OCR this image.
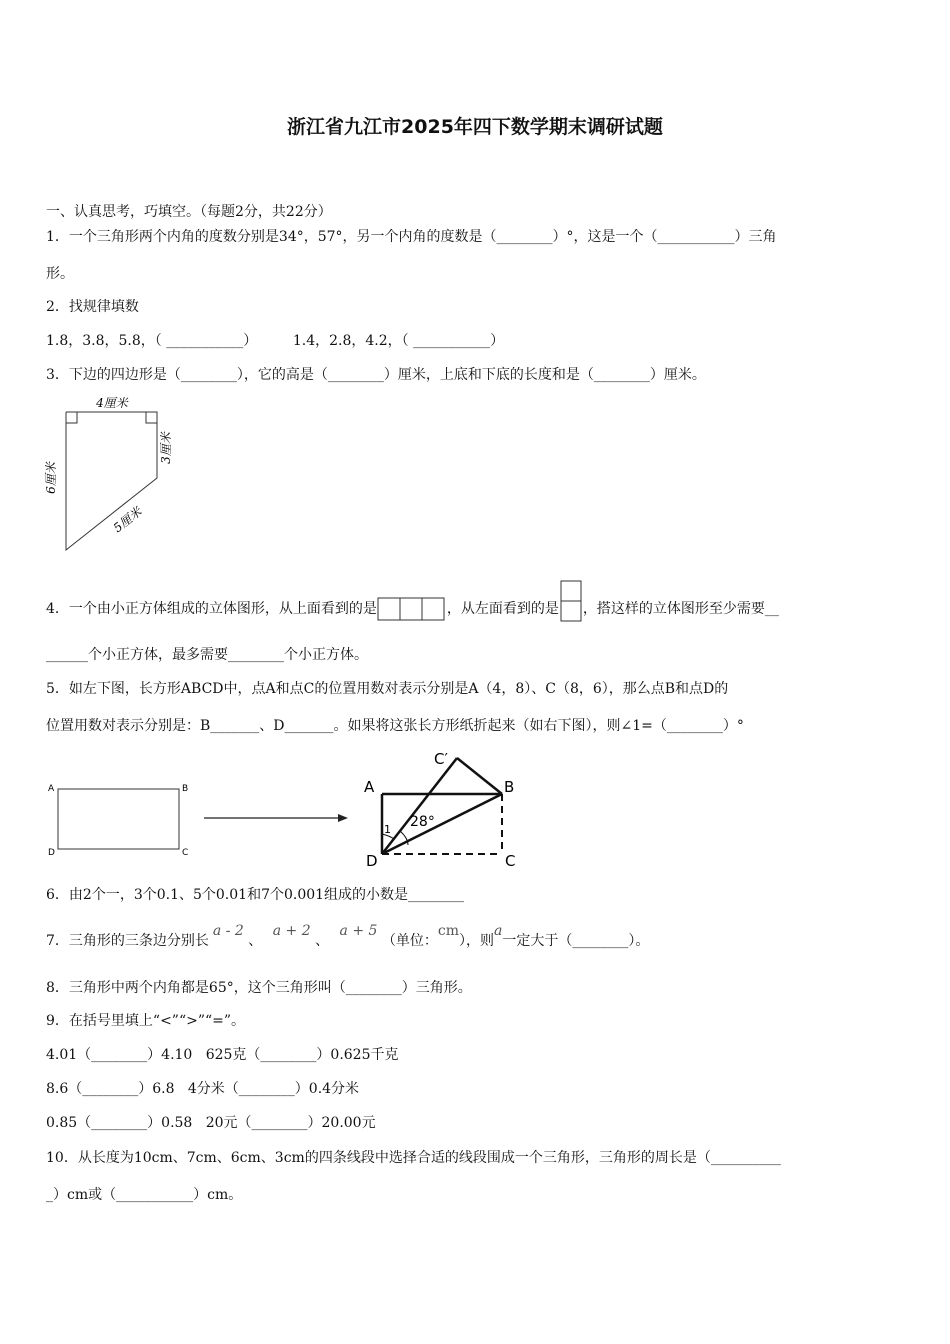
浙江省九江市2025年四下数学期末调研试题
一、认真思考，巧填空。（每题2分，共22分）
1．一个三角形两个内角的度数分别是34°，57°，另一个内角的度数是（________）°，这是一个（___________）三角
形。
2．找规律填数
1.8，3.8，5.8，（ ___________）        1.4，2.8，4.2，（ ___________）
3．下边的四边形是（________），它的高是（________）厘米，上底和下底的长度和是（________）厘米。
4厘米
3厘米
6厘米
5厘米
4．一个由小正方体组成的立体图形，从上面看到的是	，从左面看到的是 ，搭这样的立体图形至少需要__
______个小正方体，最多需要________个小正方体。
5．如左下图，长方形ABCD中，点A和点C的位置用数对表示分别是A（4，8）、C（8，6），那么点B和点D的
位置用数对表示分别是：B_______、D_______。如果将这张长方形纸折起来（如右下图），则∠1=（________）°
A	B
D	C
C′
A	B
D	C
1 28°
6．由2个一，3个0.1、5个0.01和7个0.001组成的小数是________
7．三角形的三条边分别长a - 2 、 a + 2 、 a + 5 （单位：cm），则a一定大于（________）。
8．三角形中两个内角都是65°，这个三角形叫（________）三角形。
9．在括号里填上“<”“>”“=”。
4.01（________）4.10   625克（________）0.625千克
8.6（________）6.8   4分米（________）0.4分米
0.85（________）0.58   20元（________）20.00元
10．从长度为10cm、7cm、6cm、3cm的四条线段中选择合适的线段围成一个三角形，三角形的周长是（__________
_）cm或（___________）cm。
